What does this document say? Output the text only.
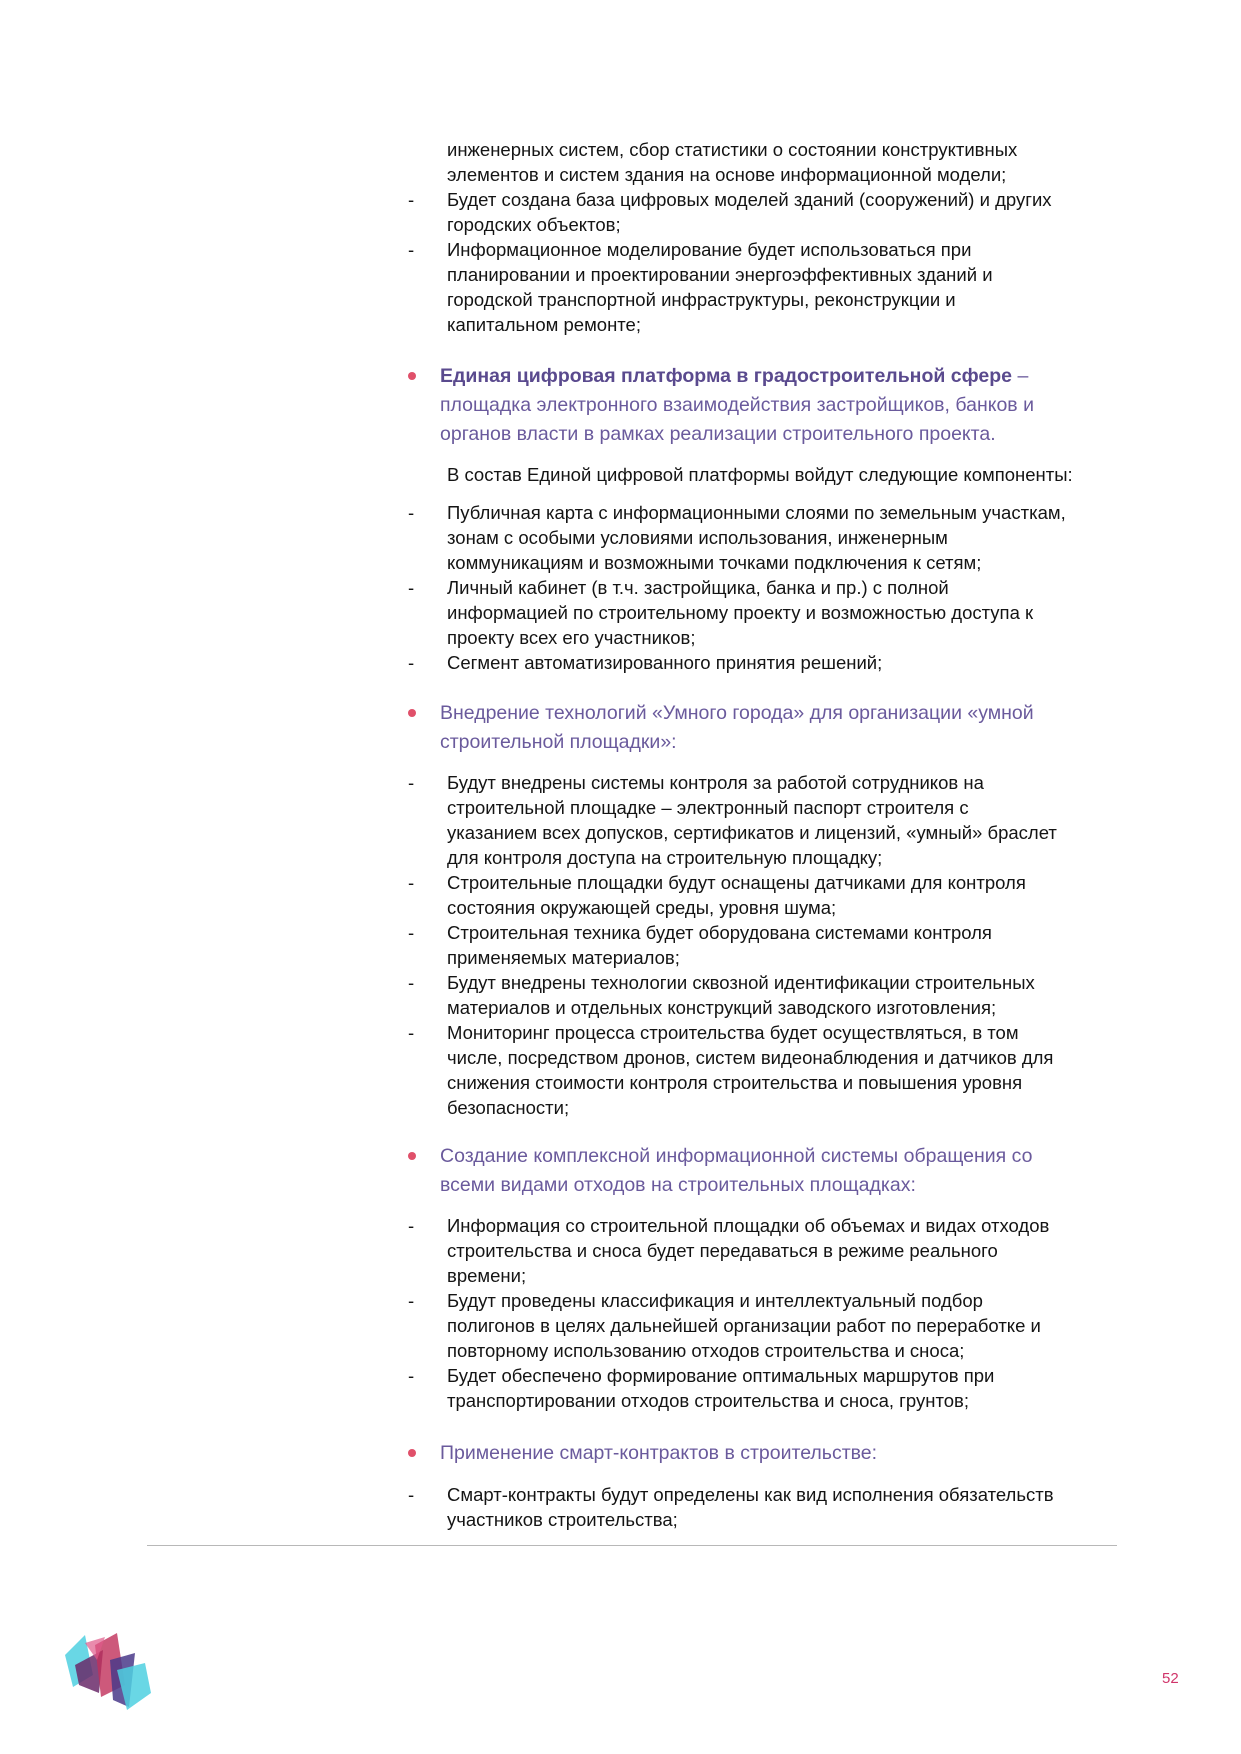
инженерных систем, сбор статистики о состоянии конструктивных
элементов и систем здания на основе информационной модели;
- Будет создана база цифровых моделей зданий (сооружений) и других
городских объектов;
- Информационное моделирование будет использоваться при
планировании и проектировании энергоэффективных зданий и
городской транспортной инфраструктуры, реконструкции и
капитальном ремонте;
Единая цифровая платформа в градостроительной сфере –
площадка электронного взаимодействия застройщиков, банков и
органов власти в рамках реализации строительного проекта.
В состав Единой цифровой платформы войдут следующие компоненты:
- Публичная карта с информационными слоями по земельным участкам,
зонам с особыми условиями использования, инженерным
коммуникациям и возможными точками подключения к сетям;
- Личный кабинет (в т.ч. застройщика, банка и пр.) с полной
информацией по строительному проекту и возможностью доступа к
проекту всех его участников;
- Сегмент автоматизированного принятия решений;
Внедрение технологий «Умного города» для организации «умной
строительной площадки»:
- Будут внедрены системы контроля за работой сотрудников на
строительной площадке – электронный паспорт строителя с
указанием всех допусков, сертификатов и лицензий, «умный» браслет
для контроля доступа на строительную площадку;
- Строительные площадки будут оснащены датчиками для контроля
состояния окружающей среды, уровня шума;
- Строительная техника будет оборудована системами контроля
применяемых материалов;
- Будут внедрены технологии сквозной идентификации строительных
материалов и отдельных конструкций заводского изготовления;
- Мониторинг процесса строительства будет осуществляться, в том
числе, посредством дронов, систем видеонаблюдения и датчиков для
снижения стоимости контроля строительства и повышения уровня
безопасности;
Создание комплексной информационной системы обращения со
всеми видами отходов на строительных площадках:
- Информация со строительной площадки об объемах и видах отходов
строительства и сноса будет передаваться в режиме реального
времени;
- Будут проведены классификация и интеллектуальный подбор
полигонов в целях дальнейшей организации работ по переработке и
повторному использованию отходов строительства и сноса;
- Будет обеспечено формирование оптимальных маршрутов при
транспортировании отходов строительства и сноса, грунтов;
Применение смарт-контрактов в строительстве:
- Смарт-контракты будут определены как вид исполнения обязательств
участников строительства;
52
